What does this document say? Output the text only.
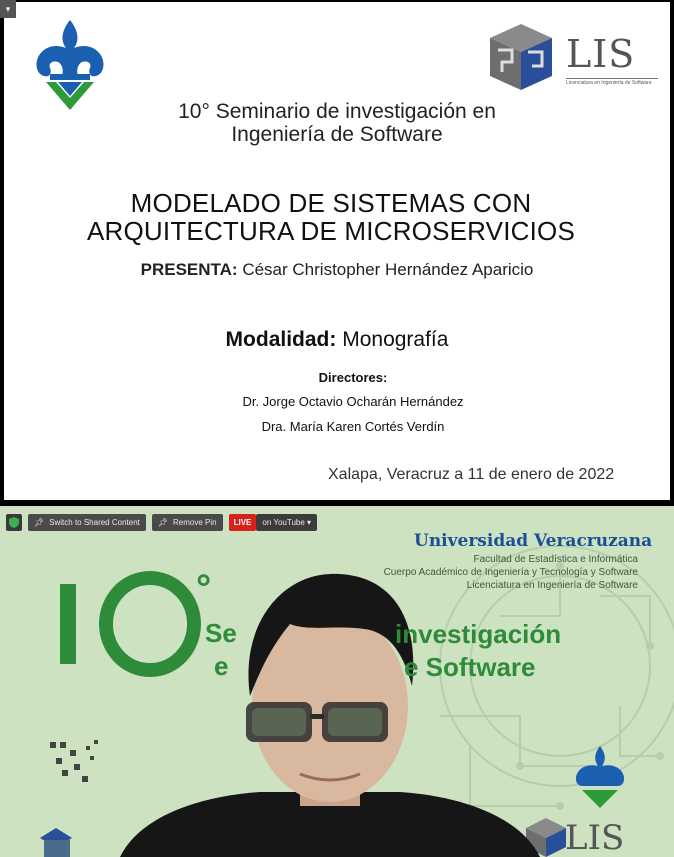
LIS
Licenciatura en Ingeniería de Software
10° Seminario de investigación en
Ingeniería de Software
MODELADO DE SISTEMAS CON
ARQUITECTURA DE MICROSERVICIOS
PRESENTA: César Christopher Hernández Aparicio
Modalidad: Monografía
Directores:
Dr. Jorge Octavio Ocharán Hernández
Dra. María Karen Cortés Verdín
Xalapa, Veracruz a 11 de enero de 2022
▾
Universidad Veracruzana
Facultad de Estadística e Informática
Cuerpo Académico de Ingeniería y Tecnología y Software
Licenciatura en Ingeniería de Software
°
Se	investigación
e	e Software
LIS
📌︎ Switch to Shared Content 📌︎ Remove Pin	LIVE	on YouTube ▾
